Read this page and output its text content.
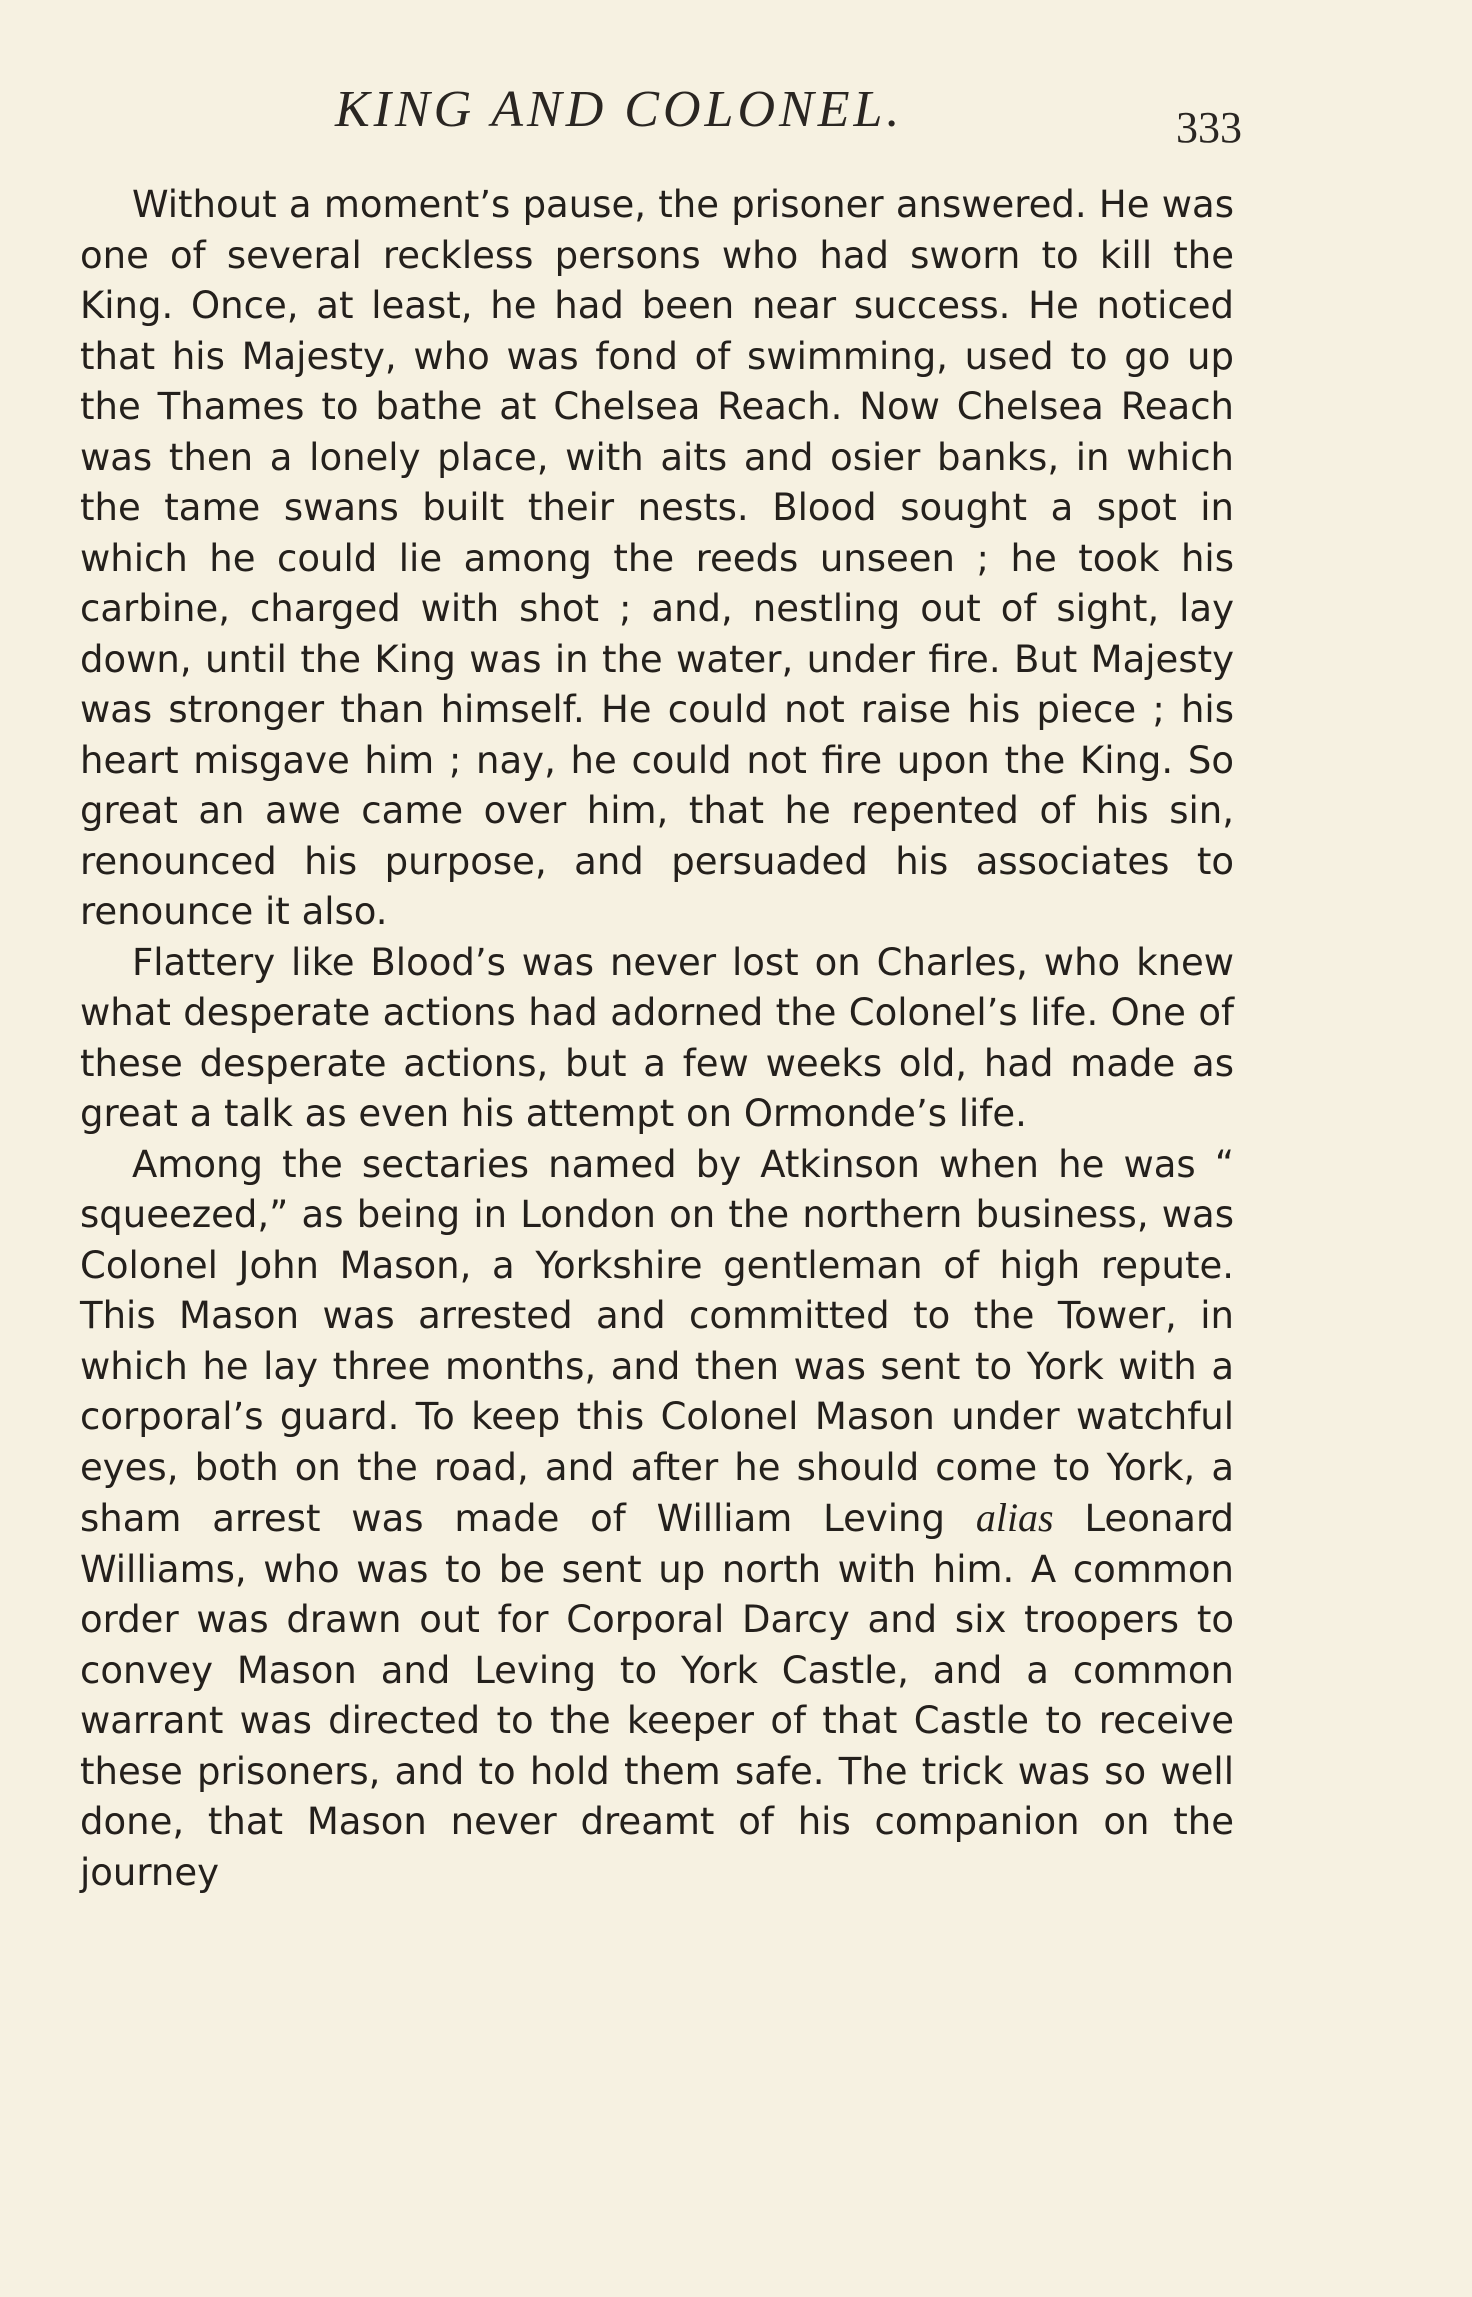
KING AND COLONEL.	333

Without a moment’s pause, the prisoner answered. He was one of several reckless persons who had sworn to kill the King. Once, at least, he had been near success. He noticed that his Majesty, who was fond of swimming, used to go up the Thames to bathe at Chelsea Reach. Now Chelsea Reach was then a lonely place, with aits and osier banks, in which the tame swans built their nests. Blood sought a spot in which he could lie among the reeds unseen ; he took his carbine, charged with shot ; and, nestling out of sight, lay down, until the King was in the water, under fire. But Majesty was stronger than himself. He could not raise his piece ; his heart misgave him ; nay, he could not fire upon the King. So great an awe came over him, that he repented of his sin, renounced his purpose, and persuaded his associates to renounce it also.

Flattery like Blood’s was never lost on Charles, who knew what desperate actions had adorned the Colonel’s life. One of these desperate actions, but a few weeks old, had made as great a talk as even his attempt on Ormonde’s life.

Among the sectaries named by Atkinson when he was “ squeezed,” as being in London on the northern business, was Colonel John Mason, a Yorkshire gentleman of high repute. This Mason was arrested and committed to the Tower, in which he lay three months, and then was sent to York with a corporal’s guard. To keep this Colonel Mason under watchful eyes, both on the road, and after he should come to York, a sham arrest was made of William Leving alias Leonard Williams, who was to be sent up north with him. A common order was drawn out for Corporal Darcy and six troopers to convey Mason and Leving to York Castle, and a common warrant was directed to the keeper of that Castle to receive these prisoners, and to hold them safe. The trick was so well done, that Mason never dreamt of his companion on the journey
